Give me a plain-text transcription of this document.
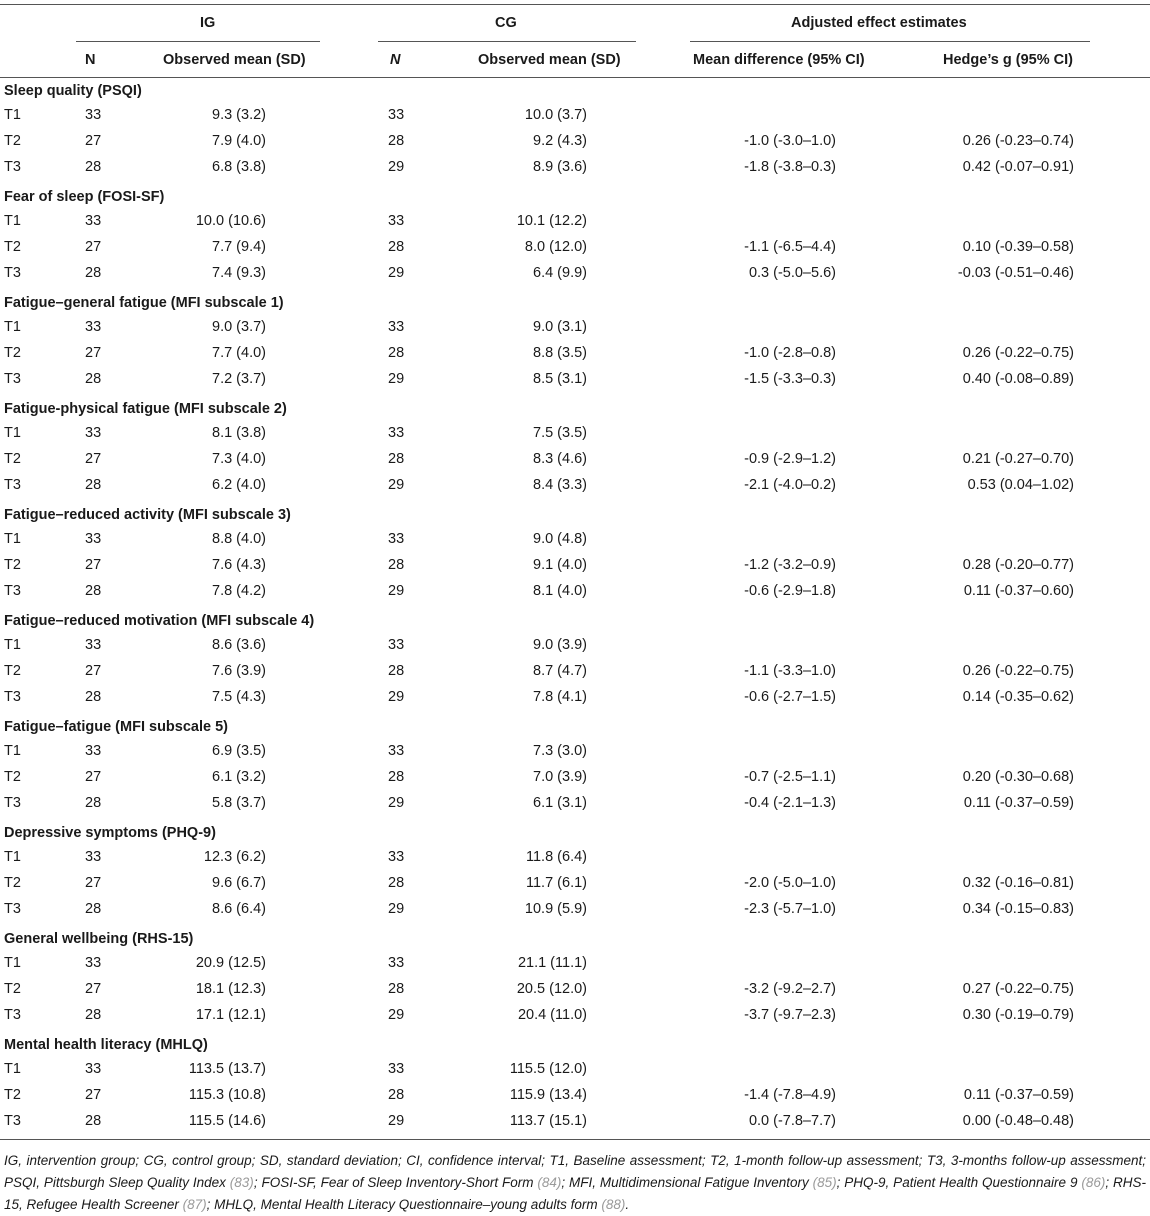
IG	CG	Adjusted effect estimates
N	Observed mean (SD)	N	Observed mean (SD)	Mean difference (95% CI)	Hedge’s g (95% CI)
Sleep quality (PSQI)
T1	33	9.3 (3.2)	33	10.0 (3.7)
T2	27	7.9 (4.0)	28	9.2 (4.3)	-1.0 (-3.0–1.0)	0.26 (-0.23–0.74)
T3	28	6.8 (3.8)	29	8.9 (3.6)	-1.8 (-3.8–0.3)	0.42 (-0.07–0.91)
Fear of sleep (FOSI-SF)
T1	33	10.0 (10.6)	33	10.1 (12.2)
T2	27	7.7 (9.4)	28	8.0 (12.0)	-1.1 (-6.5–4.4)	0.10 (-0.39–0.58)
T3	28	7.4 (9.3)	29	6.4 (9.9)	0.3 (-5.0–5.6)	-0.03 (-0.51–0.46)
Fatigue–general fatigue (MFI subscale 1)
T1	33	9.0 (3.7)	33	9.0 (3.1)
T2	27	7.7 (4.0)	28	8.8 (3.5)	-1.0 (-2.8–0.8)	0.26 (-0.22–0.75)
T3	28	7.2 (3.7)	29	8.5 (3.1)	-1.5 (-3.3–0.3)	0.40 (-0.08–0.89)
Fatigue-physical fatigue (MFI subscale 2)
T1	33	8.1 (3.8)	33	7.5 (3.5)
T2	27	7.3 (4.0)	28	8.3 (4.6)	-0.9 (-2.9–1.2)	0.21 (-0.27–0.70)
T3	28	6.2 (4.0)	29	8.4 (3.3)	-2.1 (-4.0–0.2)	0.53 (0.04–1.02)
Fatigue–reduced activity (MFI subscale 3)
T1	33	8.8 (4.0)	33	9.0 (4.8)
T2	27	7.6 (4.3)	28	9.1 (4.0)	-1.2 (-3.2–0.9)	0.28 (-0.20–0.77)
T3	28	7.8 (4.2)	29	8.1 (4.0)	-0.6 (-2.9–1.8)	0.11 (-0.37–0.60)
Fatigue–reduced motivation (MFI subscale 4)
T1	33	8.6 (3.6)	33	9.0 (3.9)
T2	27	7.6 (3.9)	28	8.7 (4.7)	-1.1 (-3.3–1.0)	0.26 (-0.22–0.75)
T3	28	7.5 (4.3)	29	7.8 (4.1)	-0.6 (-2.7–1.5)	0.14 (-0.35–0.62)
Fatigue–fatigue (MFI subscale 5)
T1	33	6.9 (3.5)	33	7.3 (3.0)
T2	27	6.1 (3.2)	28	7.0 (3.9)	-0.7 (-2.5–1.1)	0.20 (-0.30–0.68)
T3	28	5.8 (3.7)	29	6.1 (3.1)	-0.4 (-2.1–1.3)	0.11 (-0.37–0.59)
Depressive symptoms (PHQ-9)
T1	33	12.3 (6.2)	33	11.8 (6.4)
T2	27	9.6 (6.7)	28	11.7 (6.1)	-2.0 (-5.0–1.0)	0.32 (-0.16–0.81)
T3	28	8.6 (6.4)	29	10.9 (5.9)	-2.3 (-5.7–1.0)	0.34 (-0.15–0.83)
General wellbeing (RHS-15)
T1	33	20.9 (12.5)	33	21.1 (11.1)
T2	27	18.1 (12.3)	28	20.5 (12.0)	-3.2 (-9.2–2.7)	0.27 (-0.22–0.75)
T3	28	17.1 (12.1)	29	20.4 (11.0)	-3.7 (-9.7–2.3)	0.30 (-0.19–0.79)
Mental health literacy (MHLQ)
T1	33	113.5 (13.7)	33	115.5 (12.0)
T2	27	115.3 (10.8)	28	115.9 (13.4)	-1.4 (-7.8–4.9)	0.11 (-0.37–0.59)
T3	28	115.5 (14.6)	29	113.7 (15.1)	0.0 (-7.8–7.7)	0.00 (-0.48–0.48)
IG, intervention group; CG, control group; SD, standard deviation; CI, confidence interval; T1, Baseline assessment; T2, 1-month follow-up assessment; T3, 3-months follow-up assessment; PSQI, Pittsburgh Sleep Quality Index (83); FOSI-SF, Fear of Sleep Inventory-Short Form (84); MFI, Multidimensional Fatigue Inventory (85); PHQ-9, Patient Health Questionnaire 9 (86); RHS-15, Refugee Health Screener (87); MHLQ, Mental Health Literacy Questionnaire–young adults form (88).
